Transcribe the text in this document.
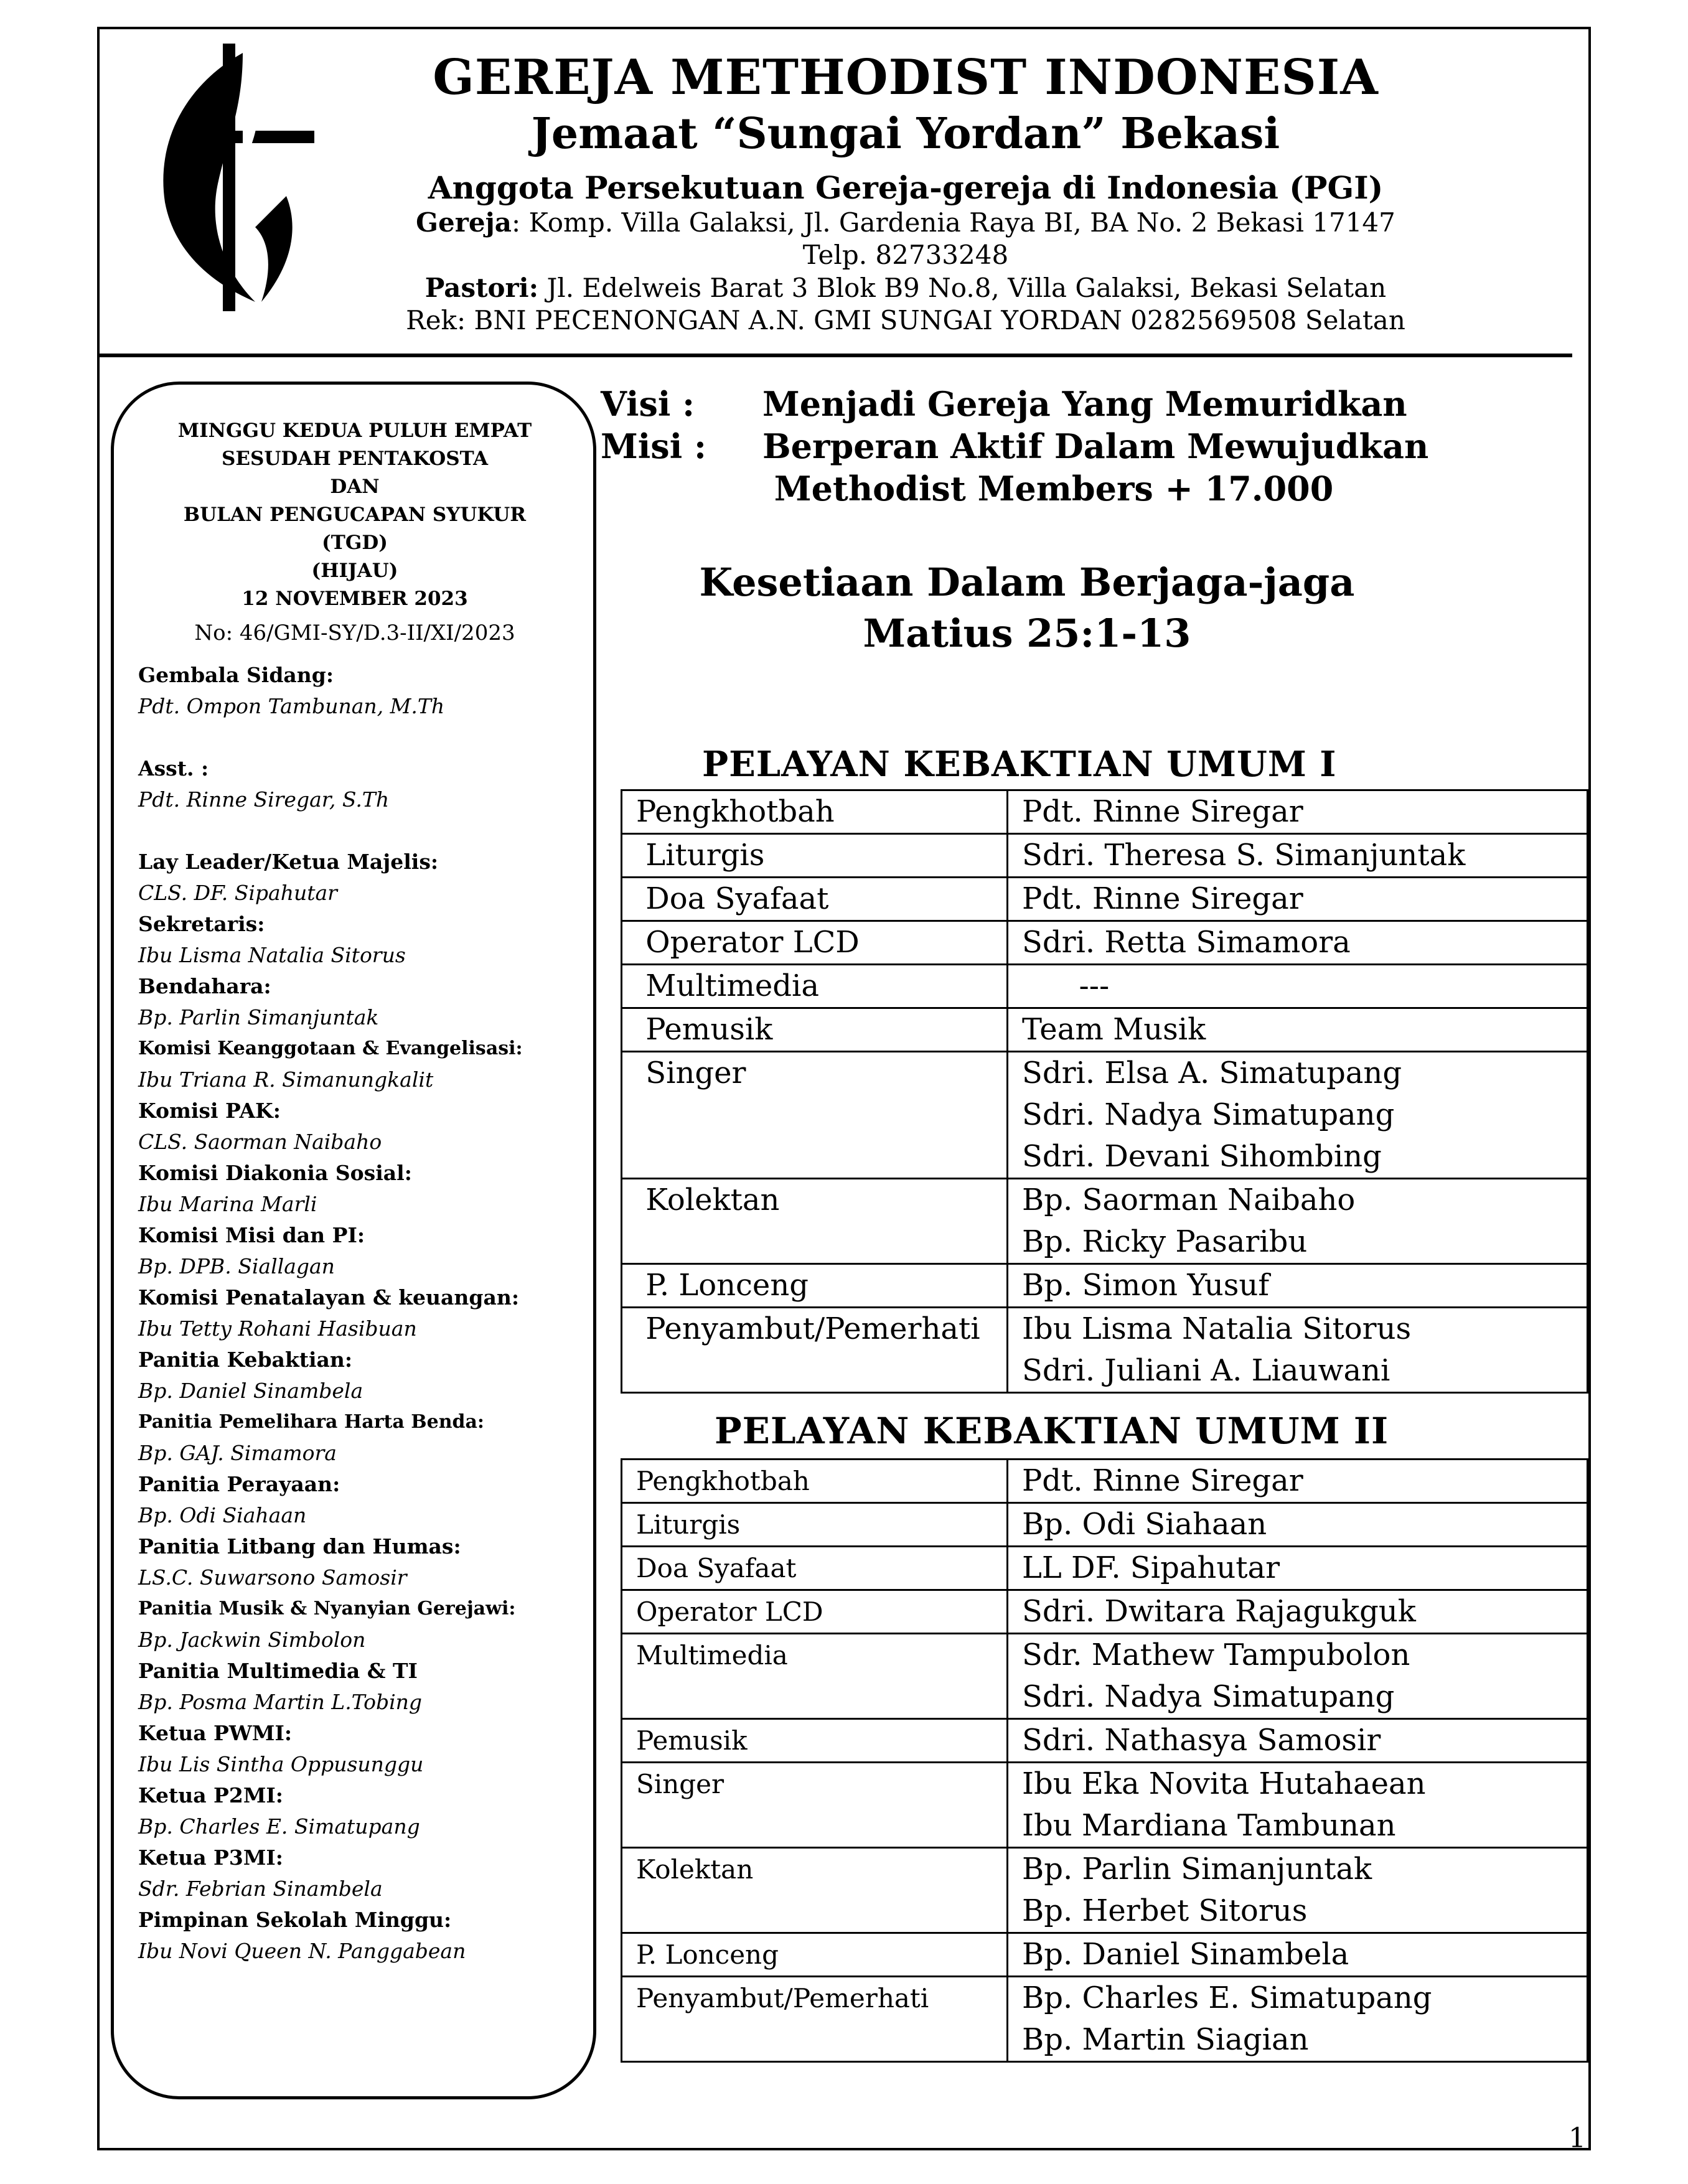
GEREJA METHODIST INDONESIA
Jemaat “Sungai Yordan” Bekasi
Anggota Persekutuan Gereja-gereja di Indonesia (PGI)
Gereja: Komp. Villa Galaksi, Jl. Gardenia Raya BI, BA No. 2 Bekasi 17147
Telp. 82733248
Pastori: Jl. Edelweis Barat 3 Blok B9 No.8, Villa Galaksi, Bekasi Selatan
Rek: BNI PECENONGAN A.N. GMI SUNGAI YORDAN 0282569508 Selatan
MINGGU KEDUA PULUH EMPAT
SESUDAH PENTAKOSTA
DAN
BULAN PENGUCAPAN SYUKUR
(TGD)
(HIJAU)
12 NOVEMBER 2023
No: 46/GMI-SY/D.3-II/XI/2023
Gembala Sidang:
Pdt. Ompon Tambunan, M.Th
Asst. :
Pdt. Rinne Siregar, S.Th
Lay Leader/Ketua Majelis:
CLS. DF. Sipahutar
Sekretaris:
Ibu Lisma Natalia Sitorus
Bendahara:
Bp. Parlin Simanjuntak
Komisi Keanggotaan & Evangelisasi:
Ibu Triana R. Simanungkalit
Komisi PAK:
CLS. Saorman Naibaho
Komisi Diakonia Sosial:
Ibu Marina Marli
Komisi Misi dan PI:
Bp. DPB. Siallagan
Komisi Penatalayan & keuangan:
Ibu Tetty Rohani Hasibuan
Panitia Kebaktian:
Bp. Daniel Sinambela
Panitia Pemelihara Harta Benda:
Bp. GAJ. Simamora
Panitia Perayaan:
Bp. Odi Siahaan
Panitia Litbang dan Humas:
LS.C. Suwarsono Samosir
Panitia Musik & Nyanyian Gerejawi:
Bp. Jackwin Simbolon
Panitia Multimedia & TI
Bp. Posma Martin L.Tobing
Ketua PWMI:
Ibu Lis Sintha Oppusunggu
Ketua P2MI:
Bp. Charles E. Simatupang
Ketua P3MI:
Sdr. Febrian Sinambela
Pimpinan Sekolah Minggu:
Ibu Novi Queen N. Panggabean
Visi : Menjadi Gereja Yang Memuridkan
Misi : Berperan Aktif Dalam Mewujudkan
Methodist Members + 17.000
Kesetiaan Dalam Berjaga-jaga
Matius 25:1-13
PELAYAN KEBAKTIAN UMUM I
Pengkhotbah	Pdt. Rinne Siregar

Liturgis	Sdri. Theresa S. Simanjuntak

Doa Syafaat	Pdt. Rinne Siregar

Operator LCD	Sdri. Retta Simamora

Multimedia	---

Pemusik	Team Musik

Singer	Sdri. Elsa A. Simatupang
Sdri. Nadya Simatupang
Sdri. Devani Sihombing

Kolektan	Bp. Saorman Naibaho
Bp. Ricky Pasaribu

P. Lonceng	Bp. Simon Yusuf

Penyambut/Pemerhati	Ibu Lisma Natalia Sitorus
Sdri. Juliani A. Liauwani
PELAYAN KEBAKTIAN UMUM II
Pengkhotbah	Pdt. Rinne Siregar

Liturgis	Bp. Odi Siahaan

Doa Syafaat	LL DF. Sipahutar

Operator LCD	Sdri. Dwitara Rajagukguk

Multimedia	Sdr. Mathew Tampubolon
Sdri. Nadya Simatupang

Pemusik	Sdri. Nathasya Samosir

Singer	Ibu Eka Novita Hutahaean
Ibu Mardiana Tambunan

Kolektan	Bp. Parlin Simanjuntak
Bp. Herbet Sitorus

P. Lonceng	Bp. Daniel Sinambela

Penyambut/Pemerhati	Bp. Charles E. Simatupang
Bp. Martin Siagian
1
